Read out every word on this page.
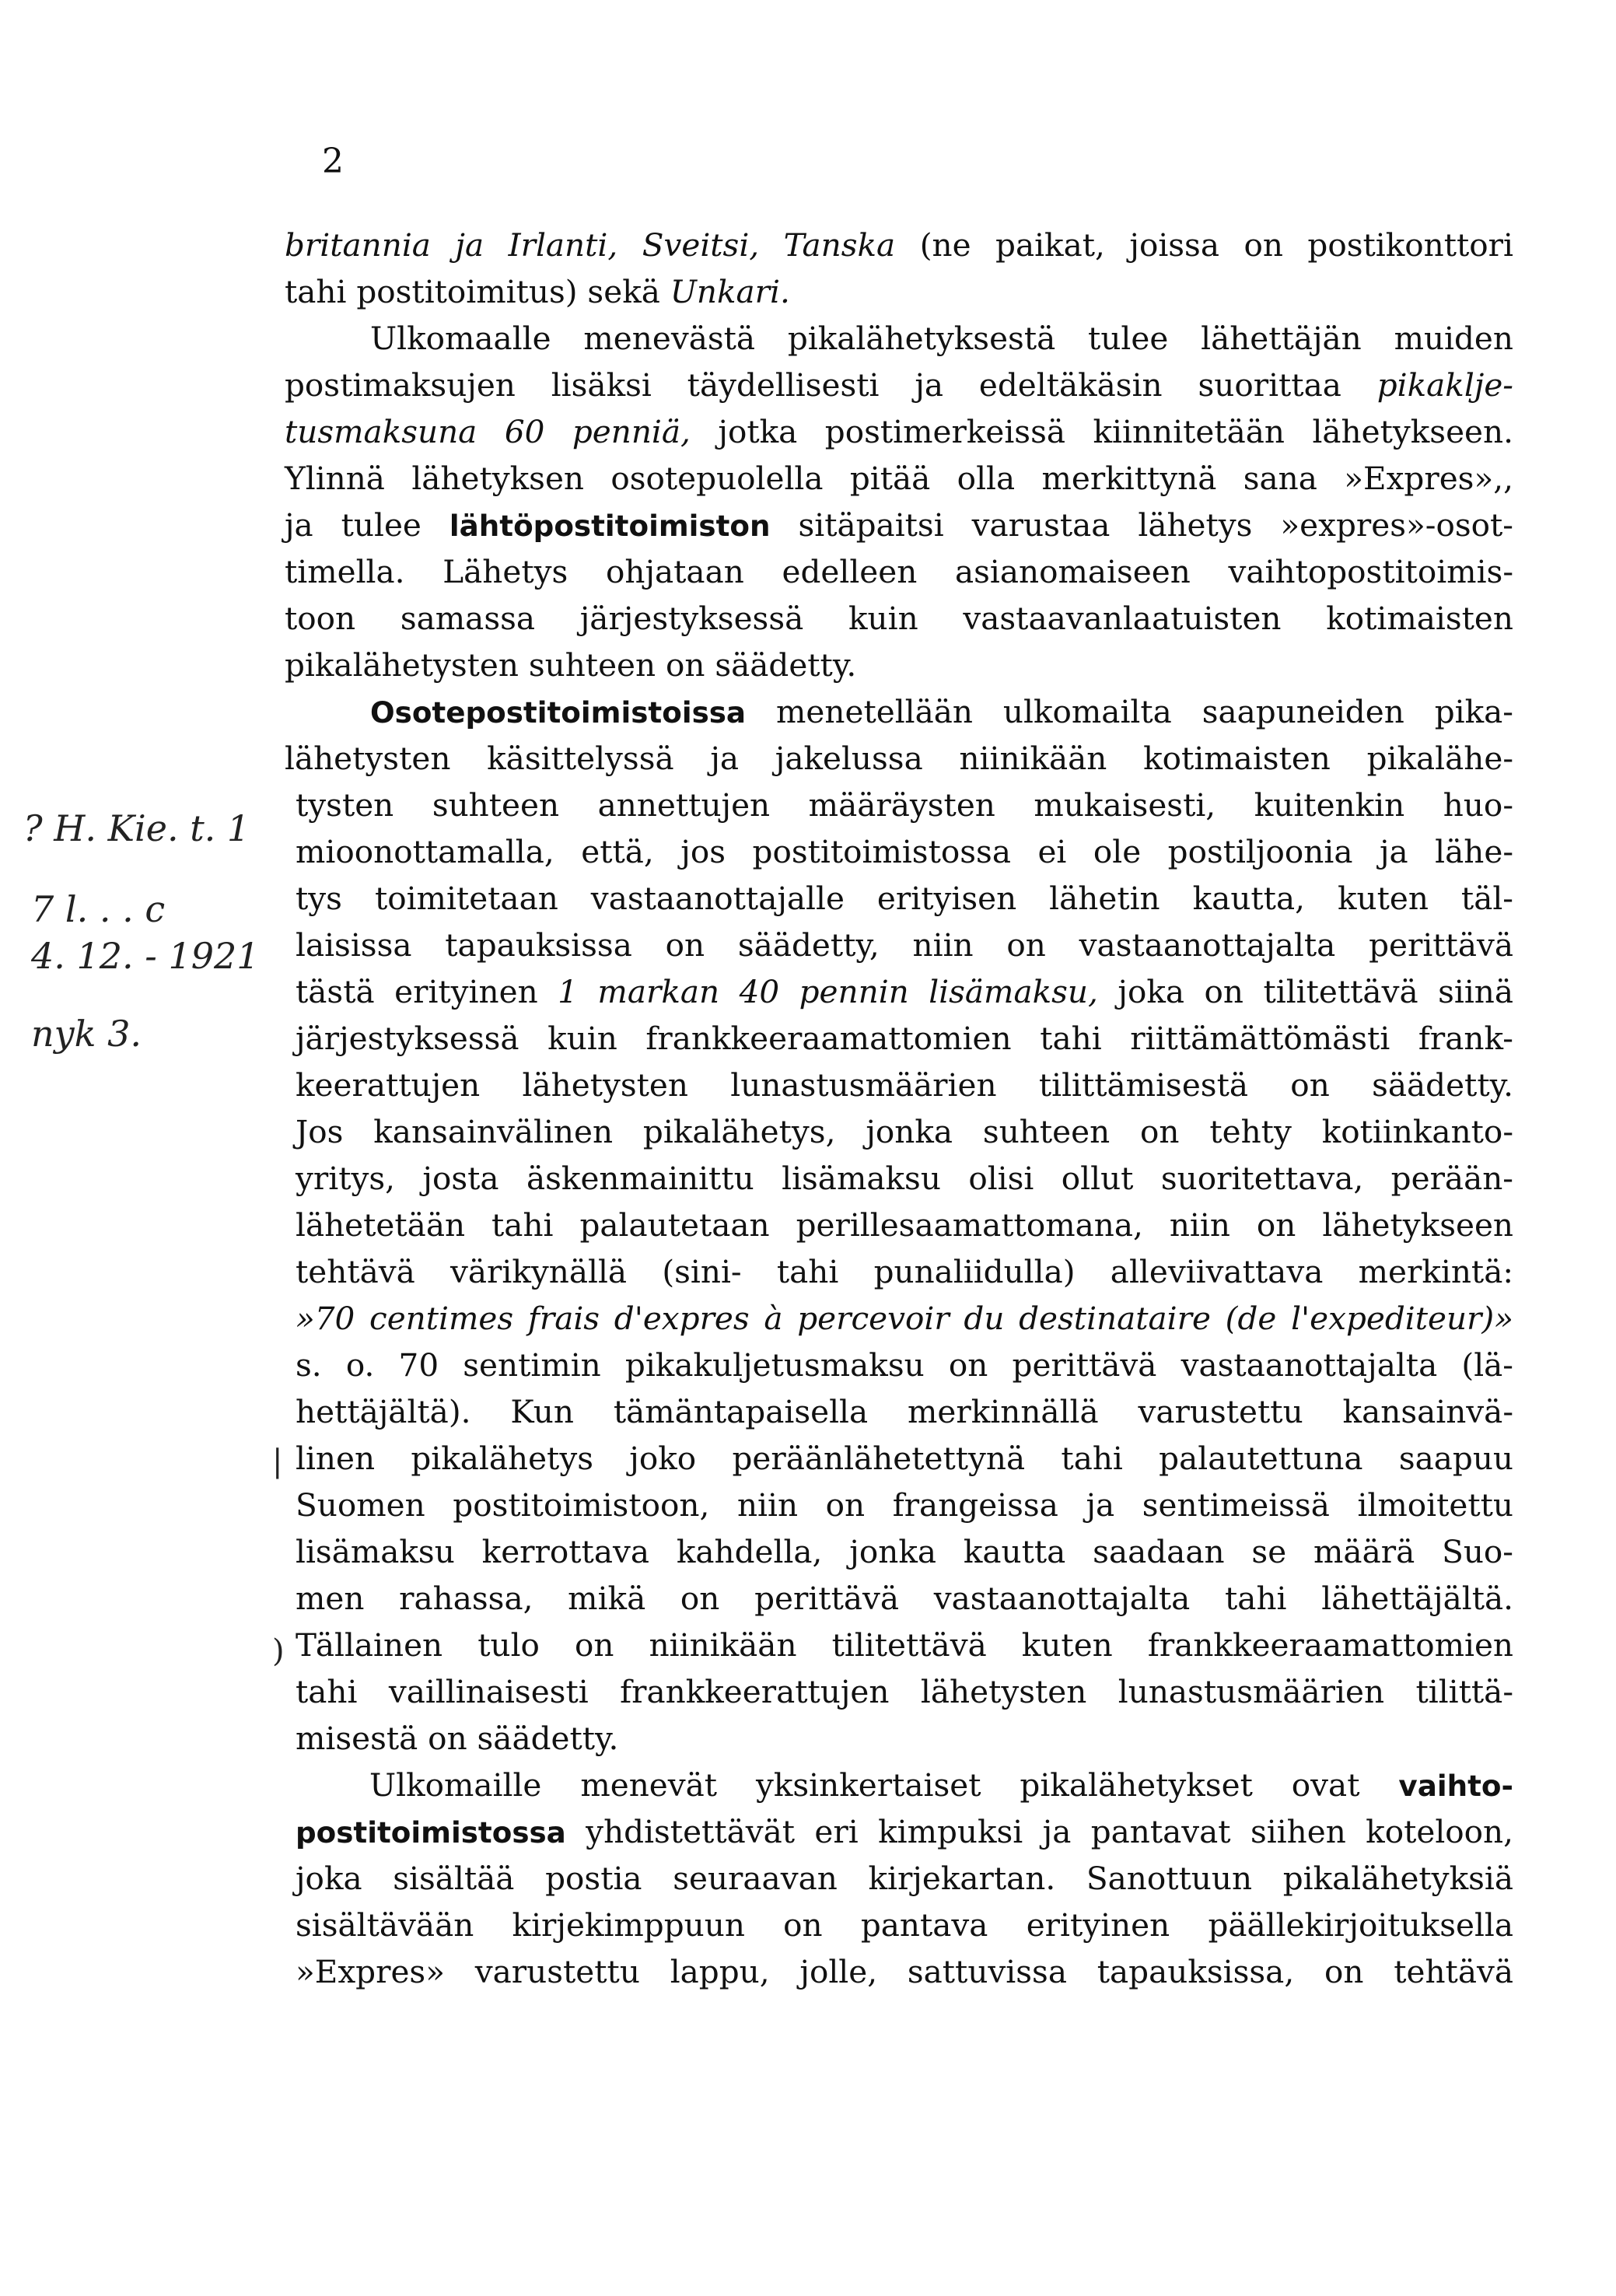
2
? H. Kie. t. 1
7 l. . . c
4. 12. - 1921
nyk 3.
|
)
britannia ja Irlanti, Sveitsi, Tanska (ne paikat, joissa on postikonttori
tahi postitoimitus) sekä Unkari.
Ulkomaalle menevästä pikalähetyksestä tulee lähettäjän muiden
postimaksujen lisäksi täydellisesti ja edeltäkäsin suorittaa pikaklje-
tusmaksuna 60 penniä, jotka postimerkeissä kiinnitetään lähetykseen.
Ylinnä lähetyksen osotepuolella pitää olla merkittynä sana »Expres»,,
ja tulee lähtöpostitoimiston sitäpaitsi varustaa lähetys »expres»-osot-
timella. Lähetys ohjataan edelleen asianomaiseen vaihtopostitoimis-
toon samassa järjestyksessä kuin vastaavanlaatuisten kotimaisten
pikalähetysten suhteen on säädetty.
Osotepostitoimistoissa menetellään ulkomailta saapuneiden pika-
lähetysten käsittelyssä ja jakelussa niinikään kotimaisten pikalähe-
tysten suhteen annettujen määräysten mukaisesti, kuitenkin huo-
mioonottamalla, että, jos postitoimistossa ei ole postiljoonia ja lähe-
tys toimitetaan vastaanottajalle erityisen lähetin kautta, kuten täl-
laisissa tapauksissa on säädetty, niin on vastaanottajalta perittävä
tästä erityinen 1 markan 40 pennin lisämaksu, joka on tilitettävä siinä
järjestyksessä kuin frankkeeraamattomien tahi riittämättömästi frank-
keerattujen lähetysten lunastusmäärien tilittämisestä on säädetty.
Jos kansainvälinen pikalähetys, jonka suhteen on tehty kotiinkanto-
yritys, josta äskenmainittu lisämaksu olisi ollut suoritettava, perään-
lähetetään tahi palautetaan perillesaamattomana, niin on lähetykseen
tehtävä värikynällä (sini- tahi punaliidulla) alleviivattava merkintä:
»70 centimes frais d'expres à percevoir du destinataire (de l'expediteur)»
s. o. 70 sentimin pikakuljetusmaksu on perittävä vastaanottajalta (lä-
hettäjältä). Kun tämäntapaisella merkinnällä varustettu kansainvä-
linen pikalähetys joko peräänlähetettynä tahi palautettuna saapuu
Suomen postitoimistoon, niin on frangeissa ja sentimeissä ilmoitettu
lisämaksu kerrottava kahdella, jonka kautta saadaan se määrä Suo-
men rahassa, mikä on perittävä vastaanottajalta tahi lähettäjältä.
Tällainen tulo on niinikään tilitettävä kuten frankkeeraamattomien
tahi vaillinaisesti frankkeerattujen lähetysten lunastusmäärien tilittä-
misestä on säädetty.
Ulkomaille menevät yksinkertaiset pikalähetykset ovat vaihto-
postitoimistossa yhdistettävät eri kimpuksi ja pantavat siihen koteloon,
joka sisältää postia seuraavan kirjekartan. Sanottuun pikalähetyksiä
sisältävään kirjekimppuun on pantava erityinen päällekirjoituksella
»Expres» varustettu lappu, jolle, sattuvissa tapauksissa, on tehtävä
